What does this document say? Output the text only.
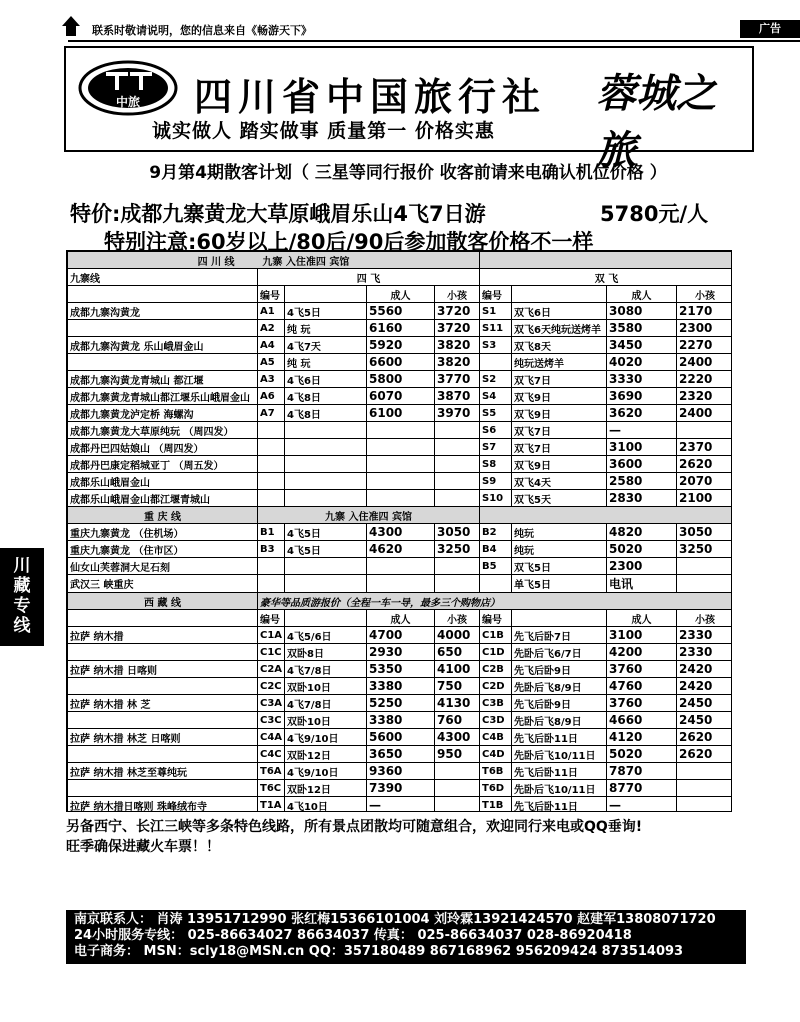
联系时敬请说明，您的信息来自《畅游天下》	广告
中旅 四川省中国旅行社 蓉城之旅
诚实做人 踏实做事 质量第一 价格实惠
川
藏
专
线
9月第4期散客计划（ 三星等同行报价 收客前请来电确认机位价格 ）
特价:成都九寨黄龙大草原峨眉乐山4飞7日游	5780元/人
特别注意:60岁以上/80后/90后参加散客价格不一样
四 川 线 九寨 入住准四 宾馆								
九寨线	四 飞				双 飞			
	编号		成人	小孩	编号		成人	小孩
成都九寨沟黄龙	A1	4飞5日	5560	3720	S1	双飞6日	3080	2170
	A2	纯 玩	6160	3720	S11	双飞6天纯玩送烤羊	3580	2300
成都九寨沟黄龙 乐山峨眉金山	A4	4飞7天	5920	3820	S3	双飞8天	3450	2270
	A5	纯 玩	6600	3820		纯玩送烤羊	4020	2400
成都九寨沟黄龙青城山 都江堰	A3	4飞6日	5800	3770	S2	双飞7日	3330	2220
成都九寨黄龙青城山都江堰乐山峨眉金山	A6	4飞8日	6070	3870	S4	双飞9日	3690	2320
成都九寨黄龙泸定桥 海螺沟	A7	4飞8日	6100	3970	S5	双飞9日	3620	2400
成都九寨黄龙大草原纯玩 （周四发）					S6	双飞7日	—	
成都丹巴四姑娘山 （周四发）					S7	双飞7日	3100	2370
成都丹巴康定稻城亚丁 （周五发）					S8	双飞9日	3600	2620
成都乐山峨眉金山					S9	双飞4天	2580	2070
成都乐山峨眉金山都江堰青城山					S10	双飞5天	2830	2100
重 庆 线	九寨 入住准四 宾馆							
重庆九寨黄龙 （住机场）	B1	4飞5日	4300	3050	B2	纯玩	4820	3050
重庆九寨黄龙 （住市区）	B3	4飞5日	4620	3250	B4	纯玩	5020	3250
仙女山芙蓉洞大足石刻					B5	双飞5日	2300	
武汉三 峡重庆						单飞5日	电讯	
西 藏 线	豪华等品质游报价（全程一车一导，最多三个购物店）							
	编号		成人	小孩	编号		成人	小孩
拉萨 纳木措	C1A	4飞5/6日	4700	4000	C1B	先飞后卧7日	3100	2330
	C1C	双卧8日	2930	650	C1D	先卧后飞6/7日	4200	2330
拉萨 纳木措 日喀则	C2A	4飞7/8日	5350	4100	C2B	先飞后卧9日	3760	2420
	C2C	双卧10日	3380	750	C2D	先卧后飞8/9日	4760	2420
拉萨 纳木措 林 芝	C3A	4飞7/8日	5250	4130	C3B	先飞后卧9日	3760	2450
	C3C	双卧10日	3380	760	C3D	先卧后飞8/9日	4660	2450
拉萨 纳木措 林芝 日喀则	C4A	4飞9/10日	5600	4300	C4B	先飞后卧11日	4120	2620
	C4C	双卧12日	3650	950	C4D	先卧后飞10/11日	5020	2620
拉萨 纳木措 林芝至尊纯玩	T6A	4飞9/10日	9360		T6B	先飞后卧11日	7870	
	T6C	双卧12日	7390		T6D	先卧后飞10/11日	8770	
拉萨 纳木措日喀则 珠峰绒布寺	T1A	4飞10日	—		T1B	先飞后卧11日	—	

另备西宁、长江三峡等多条特色线路，所有景点团散均可随意组合，欢迎同行来电或QQ垂询!
旺季确保进藏火车票！！
南京联系人： 肖涛 13951712990 张红梅15366101004 刘玲霖13921424570 赵建军13808071720
24小时服务专线： 025-86634027 86634037 传真： 025-86634037 028-86920418
电子商务： MSN：scly18@MSN.cn QQ：357180489 867168962 956209424 873514093
